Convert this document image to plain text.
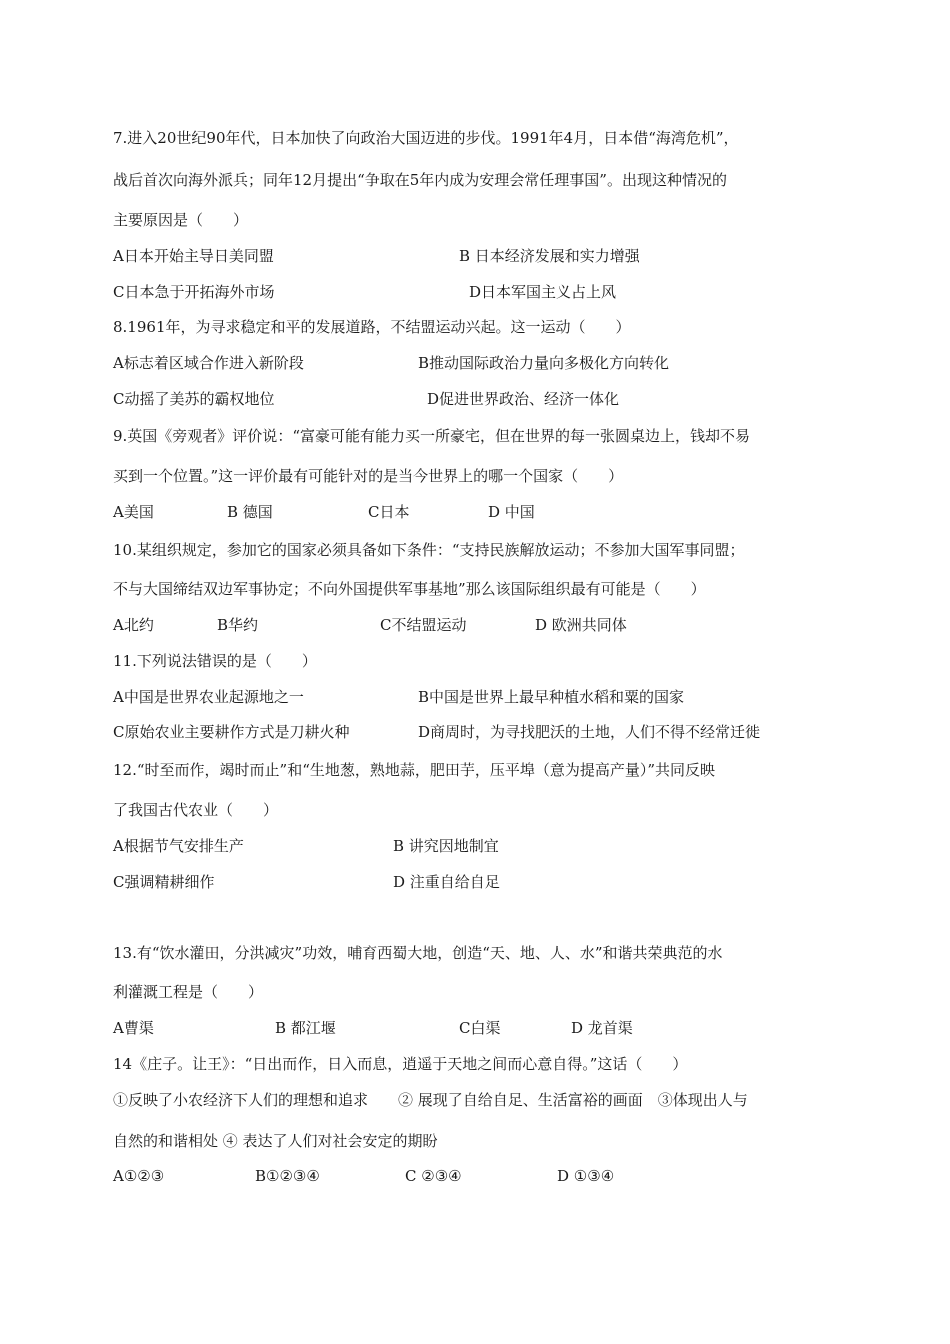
7.进入20世纪90年代，日本加快了向政治大国迈进的步伐。1991年4月，日本借“海湾危机”，
战后首次向海外派兵；同年12月提出“争取在5年内成为安理会常任理事国”。出现这种情况的
主要原因是（　　）
A日本开始主导日美同盟	B 日本经济发展和实力增强
C日本急于开拓海外市场	D日本军国主义占上风
8.1961年，为寻求稳定和平的发展道路，不结盟运动兴起。这一运动（　　）
A标志着区域合作进入新阶段	B推动国际政治力量向多极化方向转化
C动摇了美苏的霸权地位	D促进世界政治、经济一体化
9.英国《旁观者》评价说：“富豪可能有能力买一所豪宅，但在世界的每一张圆桌边上，钱却不易
买到一个位置。”这一评价最有可能针对的是当今世界上的哪一个国家（　　）
A美国	B 德国	C日本	D 中国
10.某组织规定，参加它的国家必须具备如下条件：“支持民族解放运动；不参加大国军事同盟；
不与大国缔结双边军事协定；不向外国提供军事基地”那么该国际组织最有可能是（　　）
A北约	B华约	C不结盟运动	D 欧洲共同体
11.下列说法错误的是（　　）
A中国是世界农业起源地之一	B中国是世界上最早种植水稻和粟的国家
C原始农业主要耕作方式是刀耕火种	D商周时，为寻找肥沃的土地，人们不得不经常迁徙
12.“时至而作，竭时而止”和“生地葱，熟地蒜，肥田芋，压平埠（意为提高产量）”共同反映
了我国古代农业（　　）
A根据节气安排生产	B 讲究因地制宜
C强调精耕细作	D 注重自给自足
13.有“饮水灌田，分洪减灾”功效，哺育西蜀大地，创造“天、地、人、水”和谐共荣典范的水
利灌溉工程是（　　）
A曹渠	B 都江堰	C白渠	D 龙首渠
14《庄子。让王》：“日出而作，日入而息，逍遥于天地之间而心意自得。”这话（　　）
①反映了小农经济下人们的理想和追求　　② 展现了自给自足、生活富裕的画面　③体现出人与
自然的和谐相处 ④ 表达了人们对社会安定的期盼
A①②③	B①②③④	C ②③④	D ①③④
